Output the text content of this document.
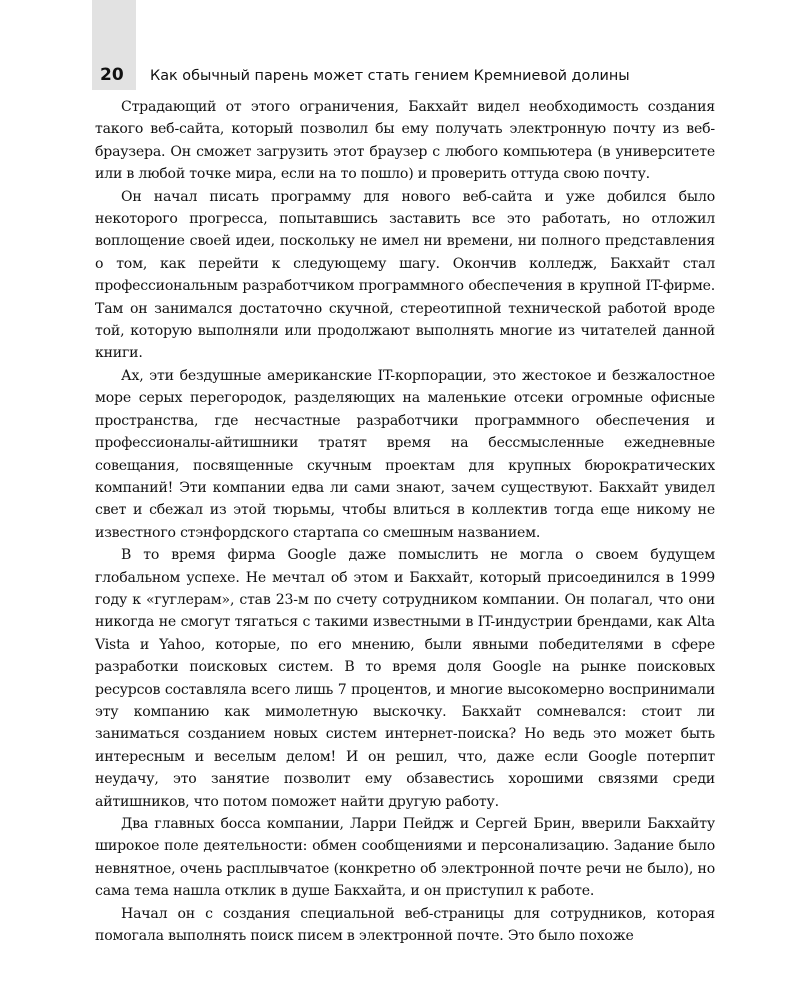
20	Как обычный парень может стать гением Кремниевой долины

Страдающий от этого ограничения, Бакхайт видел необходимость создания такого веб-сайта, который позволил бы ему получать электронную почту из веб-браузера. Он сможет загрузить этот браузер с любого компьютера (в университете или в любой точке мира, если на то пошло) и проверить оттуда свою почту.

Он начал писать программу для нового веб-сайта и уже добился было некоторого прогресса, попытавшись заставить все это работать, но отложил воплощение своей идеи, поскольку не имел ни времени, ни полного представления о том, как перейти к следующему шагу. Окончив колледж, Бакхайт стал профессиональным разработчиком программного обеспечения в крупной IT-фирме. Там он занимался достаточно скучной, стереотипной технической работой вроде той, которую выполняли или продолжают выполнять многие из читателей данной книги.

Ах, эти бездушные американские IT-корпорации, это жестокое и безжалостное море серых перегородок, разделяющих на маленькие отсеки огромные офисные пространства, где несчастные разработчики программного обеспечения и профессионалы-айтишники тратят время на бессмысленные ежедневные совещания, посвященные скучным проектам для крупных бюрократических компаний! Эти компании едва ли сами знают, зачем существуют. Бакхайт увидел свет и сбежал из этой тюрьмы, чтобы влиться в коллектив тогда еще никому не известного стэнфордского стартапа со смешным названием.

В то время фирма Google даже помыслить не могла о своем будущем глобальном успехе. Не мечтал об этом и Бакхайт, который присоединился в 1999 году к «гуглерам», став 23-м по счету сотрудником компании. Он полагал, что они никогда не смогут тягаться с такими известными в IT-индустрии брендами, как Alta Vista и Yahoo, которые, по его мнению, были явными победителями в сфере разработки поисковых систем. В то время доля Google на рынке поисковых ресурсов составляла всего лишь 7 процентов, и многие высокомерно воспринимали эту компанию как мимолетную выскочку. Бакхайт сомневался: стоит ли заниматься созданием новых систем интернет-поиска? Но ведь это может быть интересным и веселым делом! И он решил, что, даже если Google потерпит неудачу, это занятие позволит ему обзавестись хорошими связями среди айтишников, что потом поможет найти другую работу.

Два главных босса компании, Ларри Пейдж и Сергей Брин, вверили Бакхайту широкое поле деятельности: обмен сообщениями и персонализацию. Задание было невнятное, очень расплывчатое (конкретно об электронной почте речи не было), но сама тема нашла отклик в душе Бакхайта, и он приступил к работе.

Начал он с создания специальной веб-страницы для сотрудников, которая помогала выполнять поиск писем в электронной почте. Это было похоже
